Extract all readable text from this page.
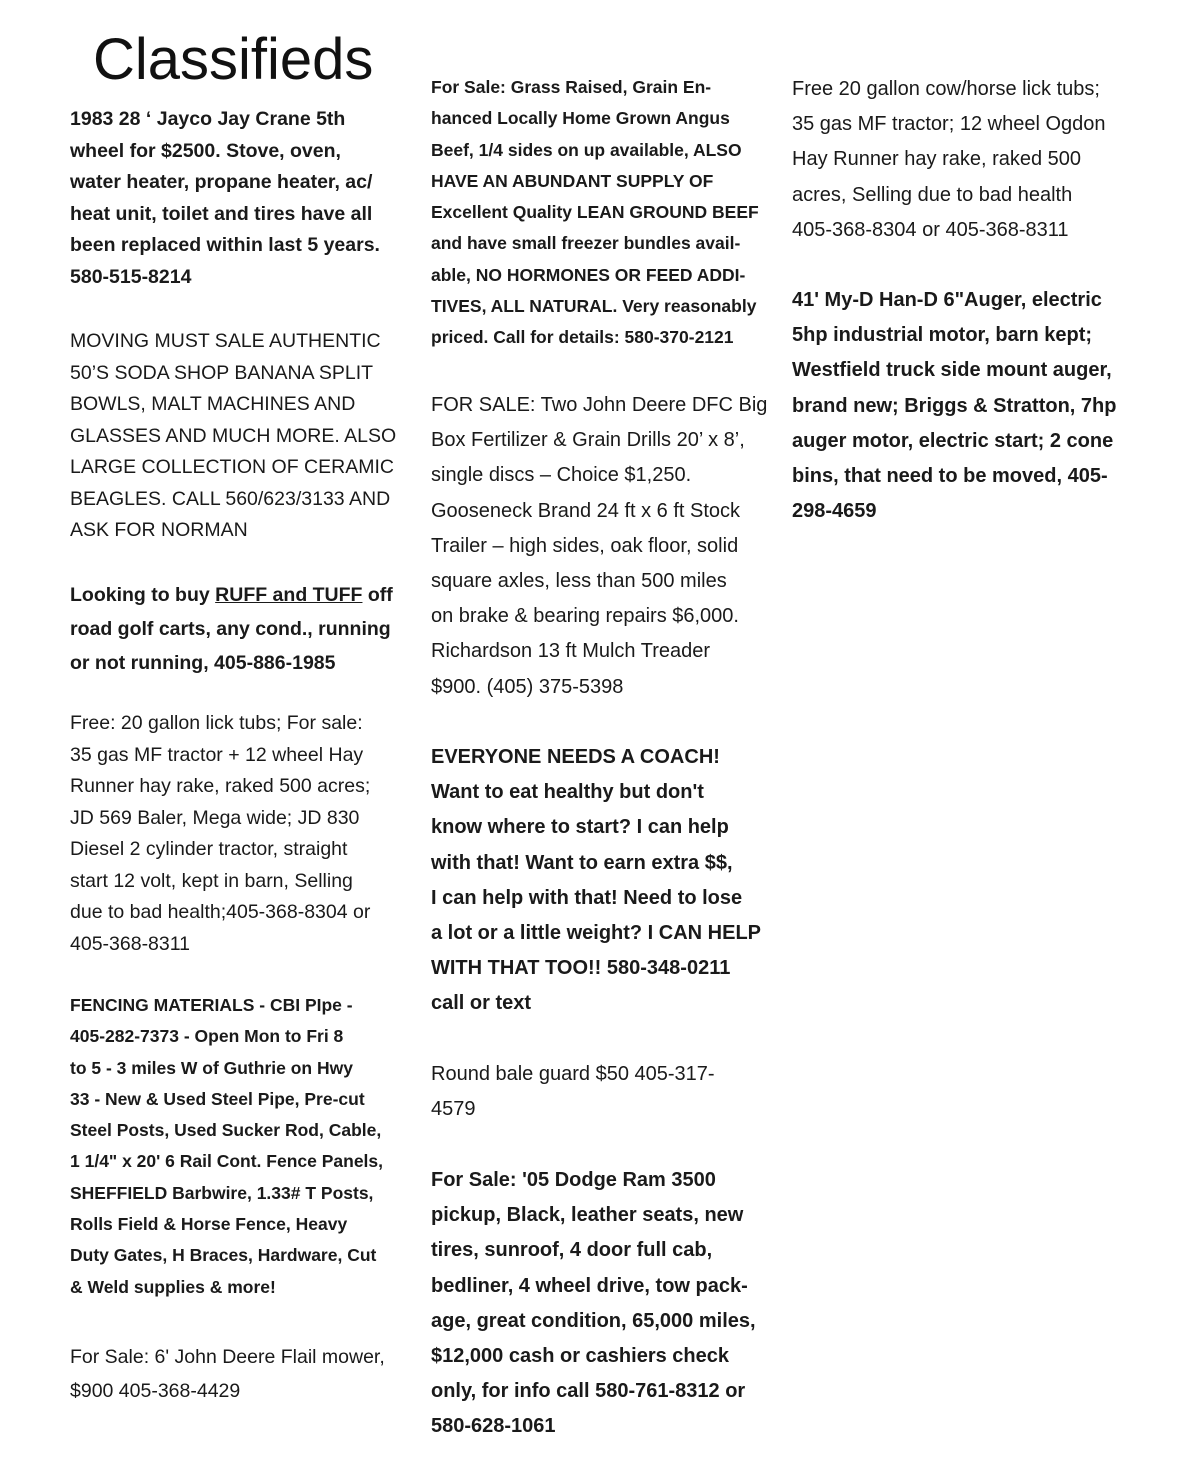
Classifieds
1983 28 ‘ Jayco Jay Crane 5th
wheel for $2500. Stove, oven,
water heater, propane heater, ac/
heat unit, toilet and tires have all
been replaced within last 5 years.
580-515-8214
MOVING MUST SALE AUTHENTIC
50’S SODA SHOP BANANA SPLIT
BOWLS, MALT MACHINES AND
GLASSES AND MUCH MORE. ALSO
LARGE COLLECTION OF CERAMIC
BEAGLES. CALL 560/623/3133 AND
ASK FOR NORMAN
Looking to buy RUFF and TUFF off
road golf carts, any cond., running
or not running, 405-886-1985
Free: 20 gallon lick tubs; For sale:
35 gas MF tractor + 12 wheel Hay
Runner hay rake, raked 500 acres;
JD 569 Baler, Mega wide; JD 830
Diesel 2 cylinder tractor, straight
start 12 volt, kept in barn, Selling
due to bad health;405-368-8304 or
405-368-8311
FENCING MATERIALS - CBI PIpe -
405-282-7373 - Open Mon to Fri 8
to 5 - 3 miles W of Guthrie on Hwy
33 - New & Used Steel Pipe, Pre-cut
Steel Posts, Used Sucker Rod, Cable,
1 1/4" x 20' 6 Rail Cont. Fence Panels,
SHEFFIELD Barbwire, 1.33# T Posts,
Rolls Field & Horse Fence, Heavy
Duty Gates, H Braces, Hardware, Cut
& Weld supplies & more!
For Sale: 6' John Deere Flail mower,
$900 405-368-4429
For Sale: Grass Raised, Grain En-
hanced Locally Home Grown Angus
Beef, 1/4 sides on up available, ALSO
HAVE AN ABUNDANT SUPPLY OF
Excellent Quality LEAN GROUND BEEF
and have small freezer bundles avail-
able, NO HORMONES OR FEED ADDI-
TIVES, ALL NATURAL. Very reasonably
priced. Call for details: 580-370-2121
FOR SALE: Two John Deere DFC Big
Box Fertilizer & Grain Drills 20’ x 8’,
single discs – Choice $1,250.
Gooseneck Brand 24 ft x 6 ft Stock
Trailer – high sides, oak floor, solid
square axles, less than 500 miles
on brake & bearing repairs $6,000.
Richardson 13 ft Mulch Treader
$900. (405) 375-5398
EVERYONE NEEDS A COACH!
Want to eat healthy but don't
know where to start? I can help
with that! Want to earn extra $$,
I can help with that! Need to lose
a lot or a little weight? I CAN HELP
WITH THAT TOO!! 580-348-0211
call or text
Round bale guard $50 405-317-
4579
For Sale: '05 Dodge Ram 3500
pickup, Black, leather seats, new
tires, sunroof, 4 door full cab,
bedliner, 4 wheel drive, tow pack-
age, great condition, 65,000 miles,
$12,000 cash or cashiers check
only, for info call 580-761-8312 or
580-628-1061
Free 20 gallon cow/horse lick tubs;
35 gas MF tractor; 12 wheel Ogdon
Hay Runner hay rake, raked 500
acres, Selling due to bad health
405-368-8304 or 405-368-8311
41' My-D Han-D 6"Auger, electric
5hp industrial motor, barn kept;
Westfield truck side mount auger,
brand new; Briggs & Stratton, 7hp
auger motor, electric start; 2 cone
bins, that need to be moved, 405-
298-4659
